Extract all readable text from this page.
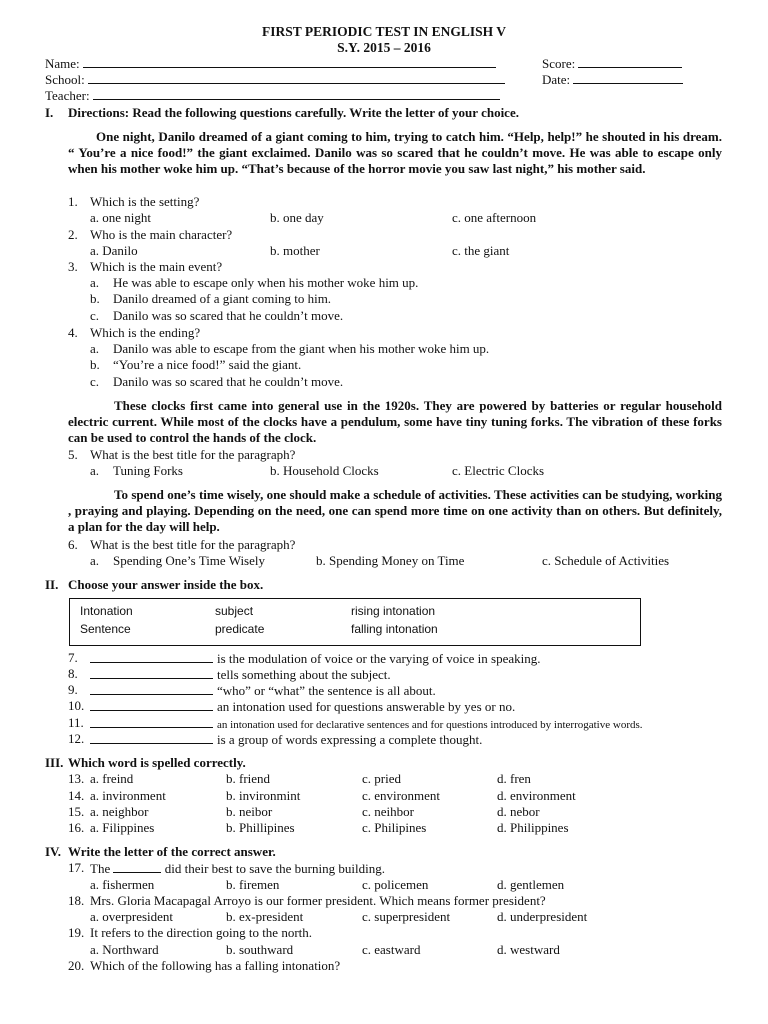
FIRST PERIODIC TEST IN ENGLISH V
S.Y. 2015 – 2016
Name:
School:
Teacher:
Score:
Date:
I. Directions: Read the following questions carefully. Write the letter of your choice.
One night, Danilo dreamed of a giant coming to him, trying to catch him. “Help, help!” he shouted in his dream. “ You’re a nice food!” the giant exclaimed. Danilo was so scared that he couldn’t move. He was able to escape only when his mother woke him up. “That’s because of the horror movie you saw last night,” his mother said.
1. Which is the setting?
a. one night	b. one day	c. one afternoon
2. Who is the main character?
a. Danilo	b. mother	c. the giant
3. Which is the main event?
a. He was able to escape only when his mother woke him up.
b. Danilo dreamed of a giant coming to him.
c. Danilo was so scared that he couldn’t move.
4. Which is the ending?
a. Danilo was able to escape from the giant when his mother woke him up.
b. “You’re a nice food!” said the giant.
c. Danilo was so scared that he couldn’t move.
These clocks first came into general use in the 1920s. They are powered by batteries or regular household electric current. While most of the clocks have a pendulum, some have tiny tuning forks. The vibration of these forks can be used to control the hands of the clock.
5. What is the best title for the paragraph?
a. Tuning Forks	b. Household Clocks	c. Electric Clocks
To spend one’s time wisely, one should make a schedule of activities. These activities can be studying, working , praying and playing. Depending on the need, one can spend more time on one activity than on others. But definitely, a plan for the day will help.
6. What is the best title for the paragraph?
a. Spending One’s Time Wisely	b. Spending Money on Time	c. Schedule of Activities
II. Choose your answer inside the box.
Intonation	subject	rising intonation
Sentence	predicate	falling intonation
7.	is the modulation of voice or the varying of voice in speaking.
8.	tells something about the subject.
9.	“who” or “what” the sentence is all about.
10.	an intonation used for questions answerable by yes or no.
11.	an intonation used for declarative sentences and for questions introduced by interrogative words.
12.	is a group of words expressing a complete thought.
III. Which word is spelled correctly.
13. a. freind	b. friend	c. pried	d. fren
14. a. invironment	b. invironmint	c. environment	d. environment
15. a. neighbor	b. neibor	c. neihbor	d. nebor
16. a. Filippines	b. Phillipines	c. Philipines	d. Philippines
IV. Write the letter of the correct answer.
17. The	did their best to save the burning building.
a. fishermen	b. firemen	c. policemen	d. gentlemen
18. Mrs. Gloria Macapagal Arroyo is our former president. Which means former president?
a. overpresident	b. ex-president	c. superpresident	d. underpresident
19. It refers to the direction going to the north.
a. Northward	b. southward	c. eastward	d. westward
20. Which of the following has a falling intonation?
